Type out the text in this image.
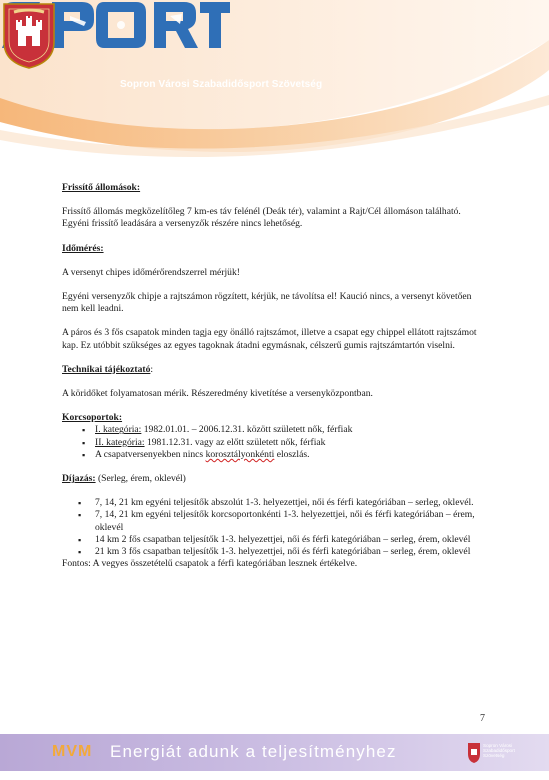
Sopron Városi Szabadidősport Szövetség

Frissítő állomások:

Frissítő állomás megközelítőleg 7 km-es táv felénél (Deák tér), valamint a Rajt/Cél állomáson található. Egyéni frissítő leadására a versenyzők részére nincs lehetőség.

Időmérés:

A versenyt chipes időmérőrendszerrel mérjük!

Egyéni versenyzők chipje a rajtszámon rögzített, kérjük, ne távolítsa el! Kaució nincs, a versenyt követően nem kell leadni.

A páros és 3 fős csapatok minden tagja egy önálló rajtszámot, illetve a csapat egy chippel ellátott rajtszámot kap. Ez utóbbit szükséges az egyes tagoknak átadni egymásnak, célszerű gumis rajtszámtartón viselni.

Technikai tájékoztató:

A köridőket folyamatosan mérik. Részeredmény kivetítése a versenyközpontban.

Korcsoportok:

▪ I. kategória: 1982.01.01. – 2006.12.31. között született nők, férfiak
▪ II. kategória: 1981.12.31. vagy az előtt született nők, férfiak
▪ A csapatversenyekben nincs korosztályonkénti eloszlás.

Díjazás: (Serleg, érem, oklevél)

▪ 7, 14, 21 km egyéni teljesítők abszolút 1-3. helyezettjei, női és férfi kategóriában – serleg, oklevél.
▪ 7, 14, 21 km egyéni teljesítők korcsoportonkénti 1-3. helyezettjei, női és férfi kategóriában – érem, oklevél
▪ 14 km 2 fős csapatban teljesítők 1-3. helyezettjei, női és férfi kategóriában – serleg, érem, oklevél
▪ 21 km 3 fős csapatban teljesítők 1-3. helyezettjei, női és férfi kategóriában – serleg, érem, oklevél

Fontos: A vegyes összetételű csapatok a férfi kategóriában lesznek értékelve.

7
MVM Energiát adunk a teljesítményhez	Sopron Városi
Szabadidősport
Szövetség
